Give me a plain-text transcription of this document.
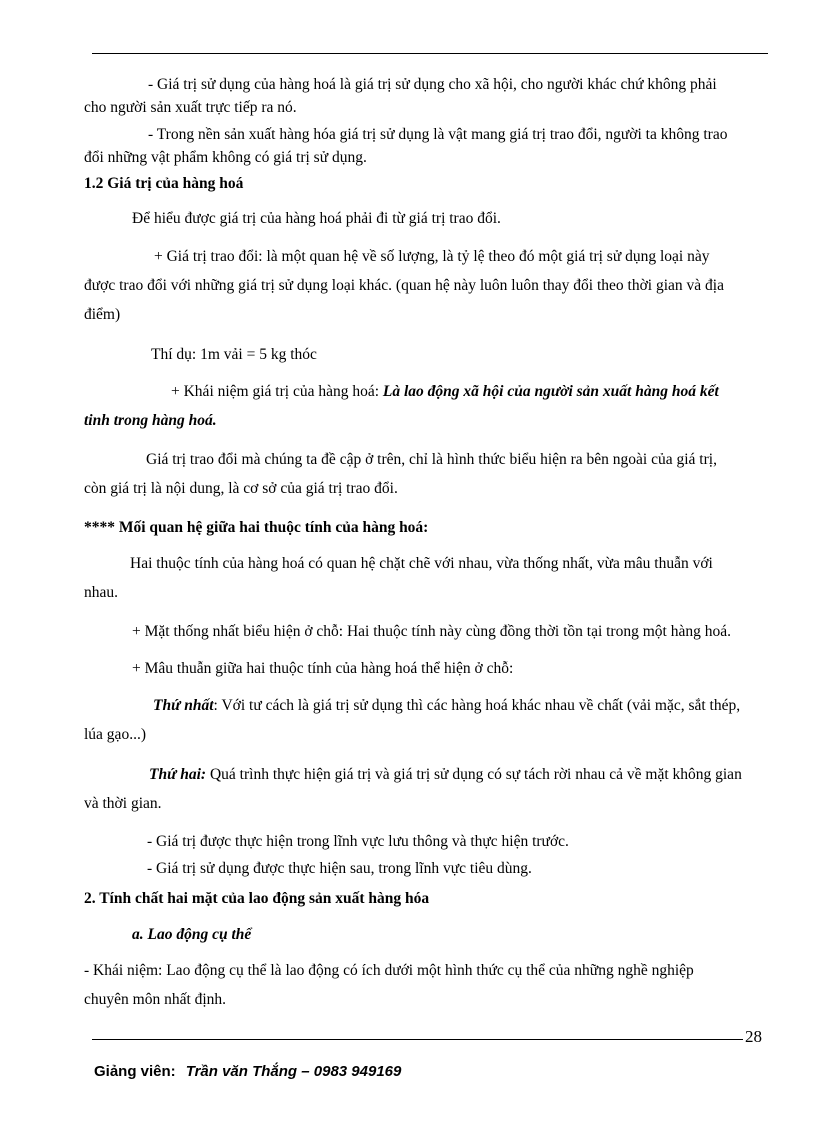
- Giá trị sử dụng của hàng hoá là giá trị sử dụng cho xã hội, cho người khác chứ không phải
cho người sản xuất trực tiếp ra nó.
- Trong nền sản xuất hàng hóa giá trị sử dụng là vật mang giá trị trao đổi, người ta không trao
đổi những vật phẩm không có giá trị sử dụng.
1.2 Giá trị của hàng hoá
Để hiểu được giá trị của hàng hoá phải đi từ giá trị trao đổi.
+ Giá trị trao đổi: là một quan hệ về số lượng, là tỷ lệ theo đó một giá trị sử dụng loại này
được trao đổi với những giá trị sử dụng loại khác. (quan hệ này luôn luôn thay đổi theo thời gian và địa
điểm)
Thí dụ: 1m vải = 5 kg thóc
+ Khái niệm giá trị của hàng hoá: Là lao động xã hội của người sản xuất hàng hoá kết
tinh trong hàng hoá.
Giá trị trao đổi mà chúng ta đề cập ở trên, chỉ là hình thức biểu hiện ra bên ngoài của giá trị,
còn giá trị là nội dung, là cơ sở của giá trị trao đổi.
**** Mối quan hệ giữa hai thuộc tính của hàng hoá:
Hai thuộc tính của hàng hoá có quan hệ chặt chẽ với nhau, vừa thống nhất, vừa mâu thuẫn với
nhau.
+ Mặt thống nhất biểu hiện ở chỗ: Hai thuộc tính này cùng đồng thời tồn tại trong một hàng hoá.
+ Mâu thuẫn giữa hai thuộc tính của hàng hoá thể hiện ở chỗ:
Thứ nhất: Với tư cách là giá trị sử dụng thì các hàng hoá khác nhau về chất (vải mặc, sắt thép,
lúa gạo...)
Thứ hai: Quá trình thực hiện giá trị và giá trị sử dụng có sự tách rời nhau cả về mặt không gian
và thời gian.
- Giá trị được thực hiện trong lĩnh vực lưu thông và thực hiện trước.
- Giá trị sử dụng được thực hiện sau, trong lĩnh vực tiêu dùng.
2. Tính chất hai mặt của lao động sản xuất hàng hóa
a. Lao động cụ thể
- Khái niệm: Lao động cụ thể là lao động có ích dưới một hình thức cụ thể của những nghề nghiệp
chuyên môn nhất định.
28
Giảng viên: Trần văn Thắng – 0983 949169
